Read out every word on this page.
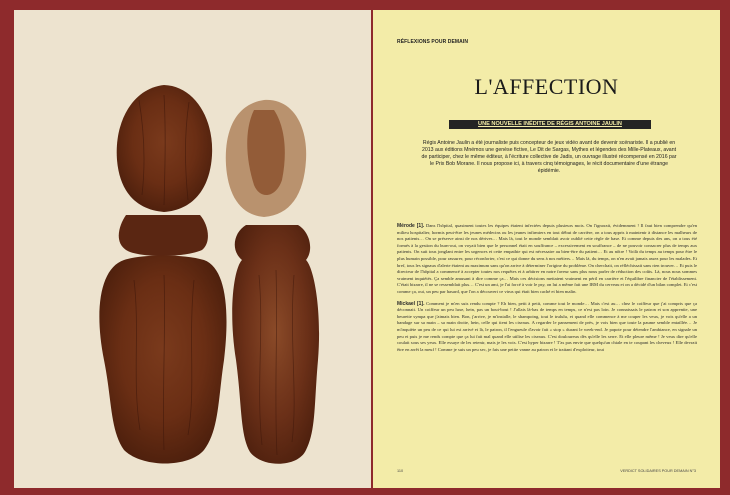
RÉFLEXIONS POUR DEMAIN
L'AFFECTION
UNE NOUVELLE INÉDITE DE RÉGIS ANTOINE JAULIN
Régis Antoine Jaulin a été journaliste puis concepteur de jeux vidéo avant de devenir scénariste. Il a publié en 2013 aux éditions Mnémos une genèse fictive, Le Dit de Sargas, Mythes et légendes des Mille-Plateaux, avant de participer, chez le même éditeur, à l'écriture collective de Jadis, un ouvrage illustré récompensé en 2016 par le Prix Bob Morane. Il nous propose ici, à travers cinq témoignages, le récit documentaire d'une étrange épidémie.

Mérode [1]. Dans l'hôpital, quasiment toutes les équipes étaient infectées depuis plusieurs mois. On l'ignorait, évidemment ! Il faut bien comprendre qu'en milieu hospitalier, hormis peut-être les jeunes médecins ou les jeunes infirmiers en tout début de carrière, on a tous appris à maintenir à distance les malheurs de nos patients… On se préserve ainsi de nos dérives… Mais là, tout le monde semblait avoir oublié cette règle de base. Et comme depuis des ans, on a tous été formés à la gestion du burn-out, on voyait bien que le personnel était en souffrance – excessivement en souffrance – de ne pouvoir consacrer plus de temps aux patients. On suit tous jonglant entre les urgences et cette empathie qui est nécessaire au bien-être du patient… Et au nôtre ! Voilà du temps au temps pour être le plus humain possible, pour rassurer, pour réconforter, c'est ce qui donne du sens à nos métiers… Mais là, du temps, on n'en avait jamais assez pour les malades. Et bref, tous les signaux d'alerte étaient au maximum sans qu'on arrive à déterminer l'origine du problème. On cherchait, on réfléchissait sans rien trouver… Et puis le directeur de l'hôpital a commencé à accepter toutes nos requêtes et à arbitrer en notre faveur sans plus nous parler de réduction des coûts. Là, nous nous sommes vraiment inquiétés. Ça semble amusant à dire comme ça… Mais ces décisions mettaient vraiment en péril en carrière et l'équilibre financier de l'établissement. C'était bizarre, il ne se ressemblait plus… C'est un ami, je l'ai forcé à voir le psy, on lui a même fait une IRM du cerveau et on a décidé d'un bilan complet. Et c'est comme ça, oui, un peu par hasard, que l'on a découvert ce virus qui était bien caché et bien malin.

Mickael [1]. Comment je m'en suis rendu compte ? Eh bien, petit à petit, comme tout le monde… Mais c'est au… chez le coiffeur que j'ai compris que ça déconnait. Un coiffeur un peu luxe, hein, pas un bout-bout ! J'allais là-bas de temps en temps, ce n'est pas loin. Je connaissais le patron et son apprentie, une beurette sympa que j'aimais bien. Bon, j'arrive, je m'installe, le shampoing, tout le trululu, et quand elle commence à me couper les veux, je vois qu'elle a un bandage sur sa main – sa main droite, hein, celle qui tient les ciseaux. A regarder le pansement de près, je vois bien que toute la paume semble entaillée… Je m'inquiète un peu de ce qui lui est arrivé et là, le patron, il l'engueule d'avoir fait « stop » durant le week-end. Je papote pour détendre l'ambiance, en signale un peu et puis je me rends compte que ça lui fait mal quand elle utilise les ciseaux. C'est douloureux dès qu'elle les serre. Et elle pleure même ! Je veux dire qu'elle coulait sous ses yeux. Elle essaye de les retenir, mais je les vois. C'est hyper bizarre ! T'as pas envie que quelqu'un chiale en te coupant les cheveux ! Elle devrait être en arrêt la meuf ! Comme je suis un peu sec, je fais une petite vanne au patron et le traitant d'exploiteur, tout

110	VERDICT SOLIDAIRES POUR DEMAIN N°3
